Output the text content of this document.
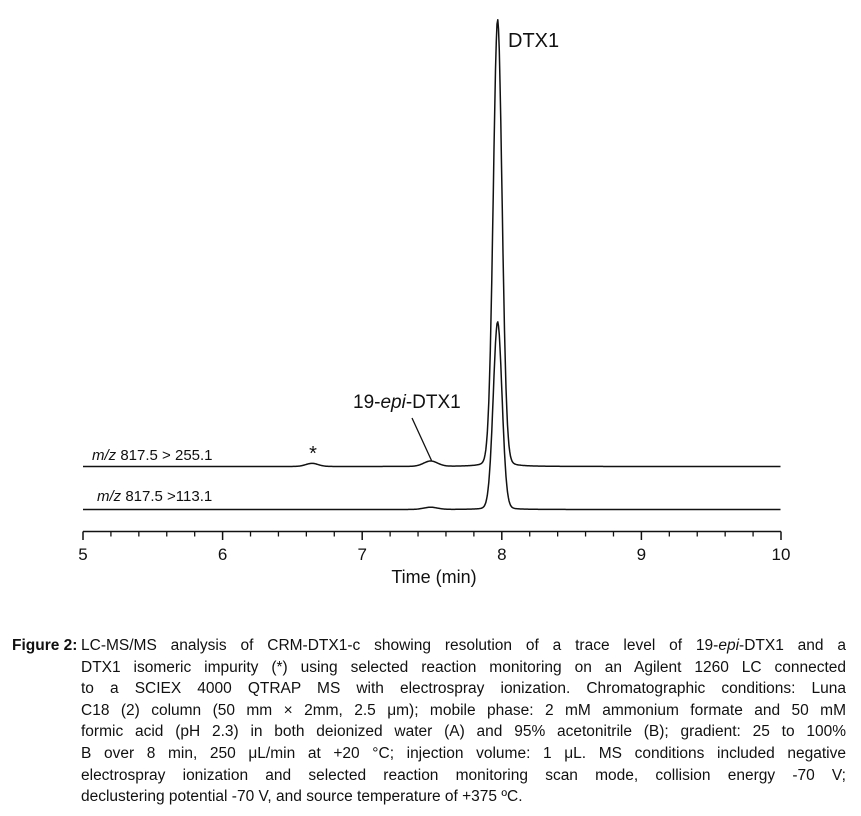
DTX1
19-epi-DTX1
*
m/z 817.5 > 255.1
m/z 817.5 >113.1
Time (min)
5	6	7	8	9	10
Figure 2: LC-MS/MS analysis of CRM-DTX1-c showing resolution of a trace level of 19-epi-DTX1 and a
DTX1 isomeric impurity (*) using selected reaction monitoring on an Agilent 1260 LC connected
to a SCIEX 4000 QTRAP MS with electrospray ionization. Chromatographic conditions: Luna
C18 (2) column (50 mm × 2mm, 2.5 μm); mobile phase: 2 mM ammonium formate and 50 mM
formic acid (pH 2.3) in both deionized water (A) and 95% acetonitrile (B); gradient: 25 to 100%
B over 8 min, 250 μL/min at +20 °C; injection volume: 1 μL. MS conditions included negative
electrospray ionization and selected reaction monitoring scan mode, collision energy -70 V;
declustering potential -70 V, and source temperature of +375 ºC.
